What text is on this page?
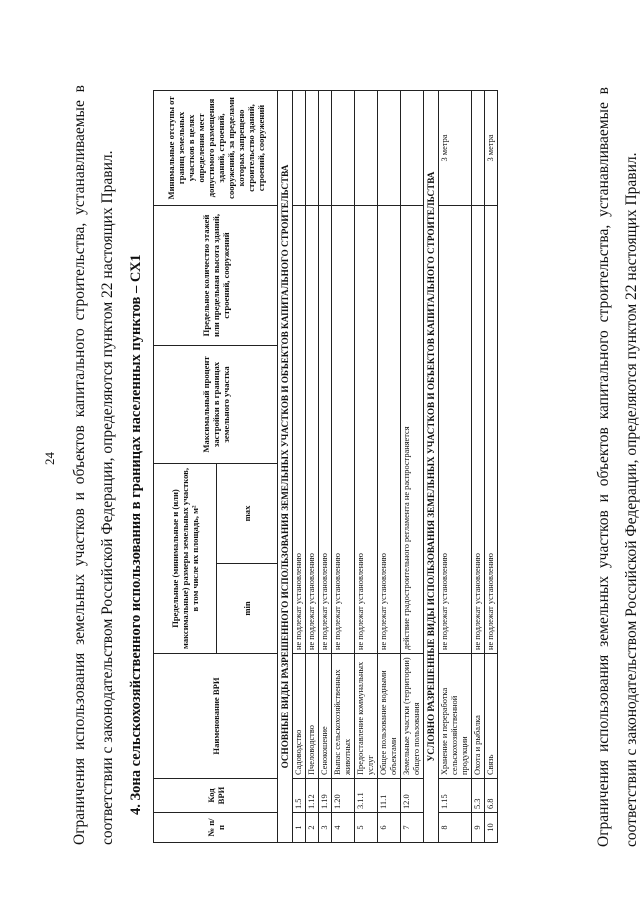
24 Ограничения использования земельных участков и объектов капитального строительства, устанавливаемые в соответствии с законодательством Российской Федерации, определяются пунктом 22 настоящих Правил. 4. Зона сельскохозяйственного использования в границах населенных пунктов – СХ1
№ п/п	Код ВРИ	Наименование ВРИ	Предельные (минимальные и (или) максимальные) размеры земельных участков, в том числе их площадь, м²		Максимальный процент застройки в границах земельного участка	Предельное количество этажей или предельная высота зданий, строений, сооружений	Минимальные отступы от границ земельных участков в целях определения мест допустимого размещения зданий, строений, сооружений, за пределами которых запрещено строительство зданий, строений, сооружений
			min	max			
ОСНОВНЫЕ ВИДЫ РАЗРЕШЕННОГО ИСПОЛЬЗОВАНИЯ ЗЕМЕЛЬНЫХ УЧАСТКОВ И ОБЪЕКТОВ КАПИТАЛЬНОГО СТРОИТЕЛЬСТВА							
1	1.5	Садоводство	не подлежат установлению				
2	1.12	Пчеловодство	не подлежат установлению				
3	1.19	Сенокошение	не подлежат установлению				
4	1.20	Выпас сельскохозяйственных животных	не подлежат установлению				
5	3.1.1	Предоставление коммунальных услуг	не подлежат установлению				
6	11.1	Общее пользование водными объектами	не подлежат установлению				
7	12.0	Земельные участки (территории) общего пользования	действие градостроительного регламента не распространяется				
УСЛОВНО РАЗРЕШЕННЫЕ ВИДЫ ИСПОЛЬЗОВАНИЯ ЗЕМЕЛЬНЫХ УЧАСТКОВ И ОБЪЕКТОВ КАПИТАЛЬНОГО СТРОИТЕЛЬСТВА							
8	1.15	Хранение и переработка сельскохозяйственной продукции	не подлежат установлению				3 метра
9	5.3	Охота и рыбалка	не подлежат установлению				
10	6.8	Связь	не подлежат установлению				3 метра	Ограничения использования земельных участков и объектов капитального строительства, устанавливаемые в соответствии с законодательством Российской Федерации, определяются пунктом 22 настоящих Правил.
